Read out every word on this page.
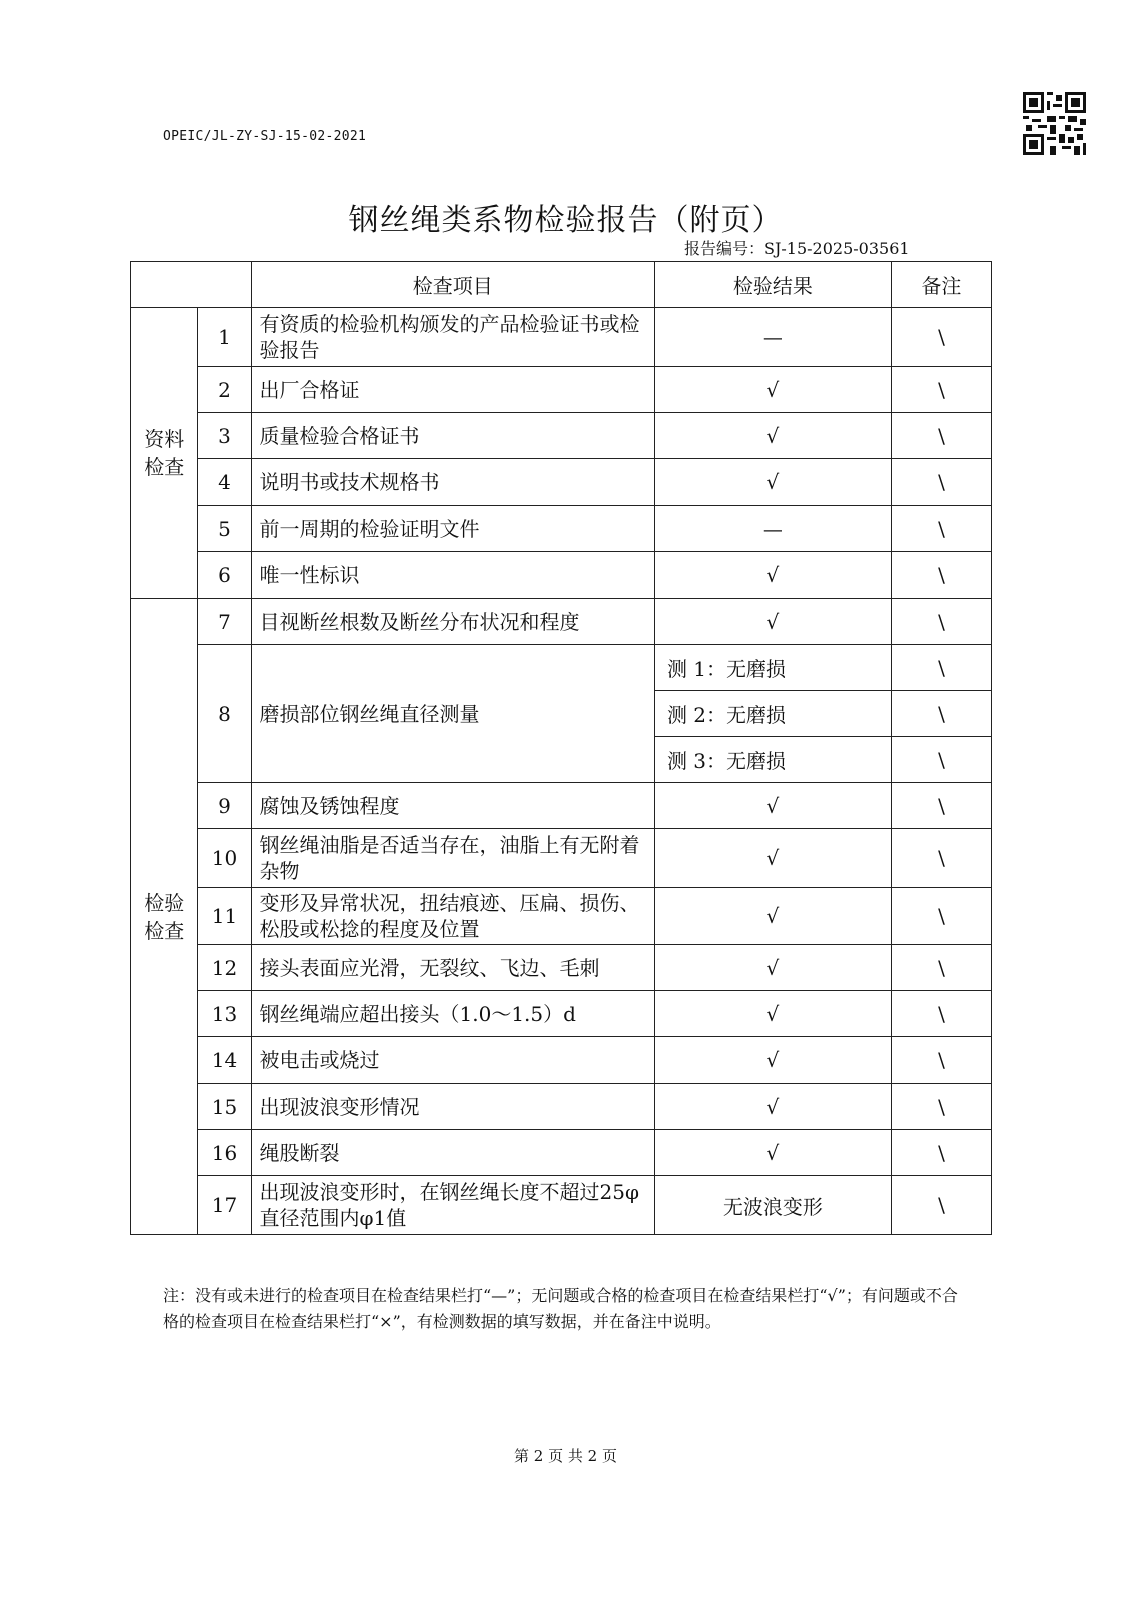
OPEIC/JL-ZY-SJ-15-02-2021
钢丝绳类系物检验报告（附页）
报告编号：SJ-15-2025-03561
		检查项目	检验结果	备注
资料检查	1	有资质的检验机构颁发的产品检验证书或检验报告	—	\
	2	出厂合格证	√	\
	3	质量检验合格证书	√	\
	4	说明书或技术规格书	√	\
	5	前一周期的检验证明文件	—	\
	6	唯一性标识	√	\
检验检查	7	目视断丝根数及断丝分布状况和程度	√	\
	8	磨损部位钢丝绳直径测量	测 1：无磨损	\
			测 2：无磨损	\
			测 3：无磨损	\
	9	腐蚀及锈蚀程度	√	\
	10	钢丝绳油脂是否适当存在，油脂上有无附着杂物	√	\
	11	变形及异常状况，扭结痕迹、压扁、损伤、松股或松捻的程度及位置	√	\
	12	接头表面应光滑，无裂纹、飞边、毛刺	√	\
	13	钢丝绳端应超出接头（1.0～1.5）d	√	\
	14	被电击或烧过	√	\
	15	出现波浪变形情况	√	\
	16	绳股断裂	√	\
	17	出现波浪变形时，在钢丝绳长度不超过25φ直径范围内φ1值	无波浪变形	\
注：没有或未进行的检查项目在检查结果栏打“—”；无问题或合格的检查项目在检查结果栏打“√”；有问题或不合格的检查项目在检查结果栏打“×”，有检测数据的填写数据，并在备注中说明。
第 2 页 共 2 页
